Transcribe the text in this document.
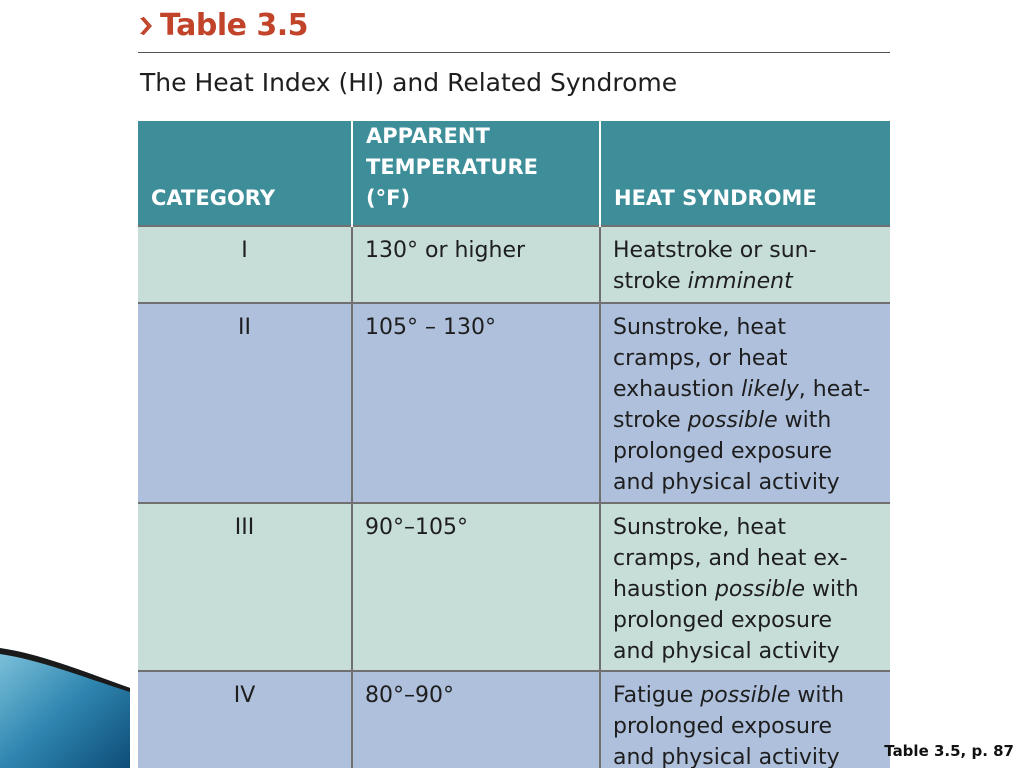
Table 3.5
The Heat Index (HI) and Related Syndrome
CATEGORY	APPARENT TEMPERATURE (°F)	HEAT SYNDROME
I	130° or higher	Heatstroke or sun-stroke imminent
II	105° – 130°	Sunstroke, heat cramps, or heat exhaustion likely, heat-stroke possible with prolonged exposure and physical activity
III	90°–105°	Sunstroke, heat cramps, and heat ex-haustion possible with prolonged exposure and physical activity
IV	80°–90°	Fatigue possible with prolonged exposure and physical activity	Table 3.5, p. 87
